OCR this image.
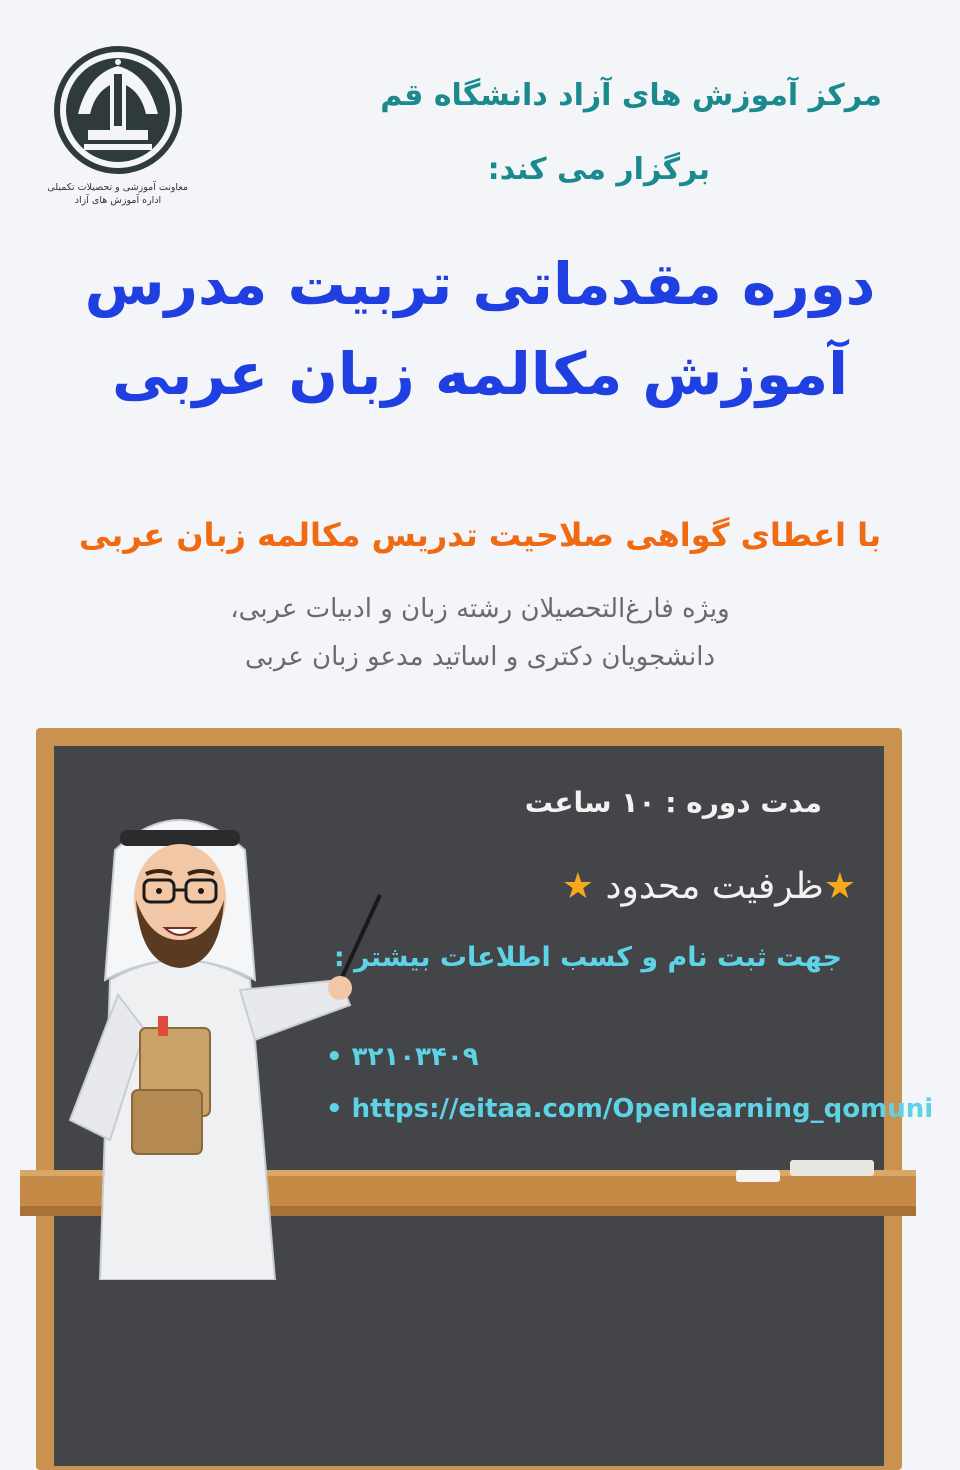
معاونت آموزشی و تحصیلات تکمیلی
اداره آموزش های آزاد
مرکز آموزش های آزاد دانشگاه قم
برگزار می کند:
دوره مقدماتی تربیت مدرس
آموزش مکالمه زبان عربی
با اعطای گواهی صلاحیت تدریس مکالمه زبان عربی
ویژه فارغ‌التحصیلان رشته زبان و ادبیات عربی،
دانشجویان دکتری و اساتید مدعو زبان عربی
مدت دوره : ۱۰ ساعت
★ظرفیت محدود ★
جهت ثبت نام و کسب اطلاعات بیشتر :
• ۳۲۱۰۳۴۰۹
• https://eitaa.com/Openlearning_qomuni
